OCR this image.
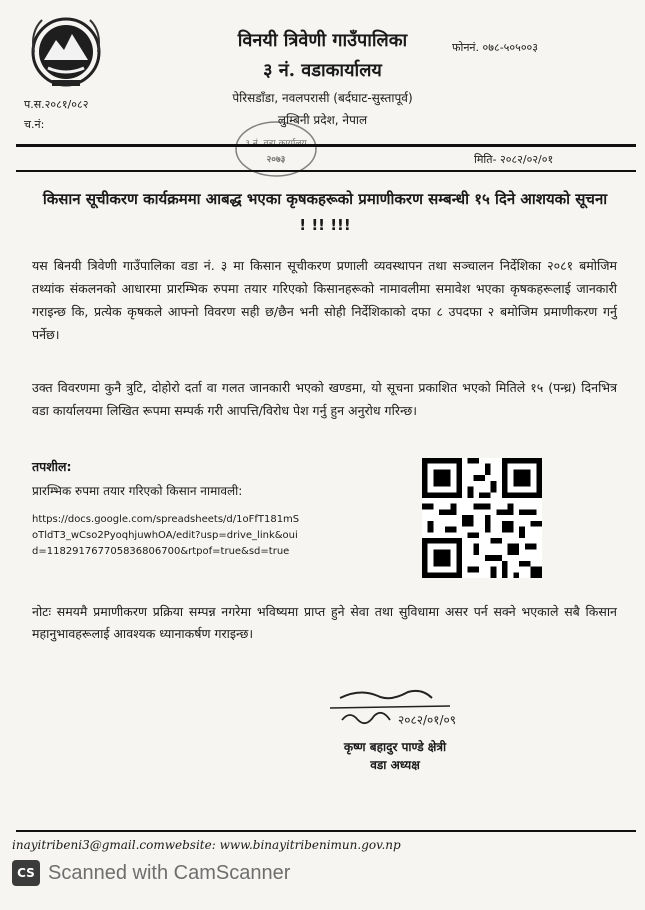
विनयी त्रिवेणी गाउँपालिका
३ नं. वडाकार्यालय
पेरिसडाँडा, नवलपरासी (बर्दघाट-सुस्तापूर्व)
लुम्बिनी प्रदेश, नेपाल
फोननं. ०७८-५०५००३
प.स.२०८१/०८२
च.नं:
२०७३	मिति- २०८२/०२/०१
किसान सूचीकरण कार्यक्रममा आबद्ध भएका कृषकहरूको प्रमाणीकरण सम्बन्धी १५ दिने आशयको सूचना ! !! !!!
यस बिनयी त्रिवेणी गाउँपालिका वडा नं. ३ मा किसान सूचीकरण प्रणाली व्यवस्थापन तथा सञ्चालन निर्देशिका २०८१ बमोजिम तथ्यांक संकलनको आधारमा प्रारम्भिक रुपमा तयार गरिएको किसानहरूको नामावलीमा समावेश भएका कृषकहरूलाई जानकारी गराइन्छ कि, प्रत्येक कृषकले आफ्नो विवरण सही छ/छैन भनी सोही निर्देशिकाको दफा ८ उपदफा २ बमोजिम प्रमाणीकरण गर्नु पर्नेछ।
उक्त विवरणमा कुनै त्रुटि, दोहोरो दर्ता वा गलत जानकारी भएको खण्डमा, यो सूचना प्रकाशित भएको मितिले १५ (पन्ध्र) दिनभित्र वडा कार्यालयमा लिखित रूपमा सम्पर्क गरी आपत्ति/विरोध पेश गर्नु हुन अनुरोध गरिन्छ।
तपशील:
प्रारम्भिक रुपमा तयार गरिएको किसान नामावली:
https://docs.google.com/spreadsheets/d/1oFfT181mSoTldT3_wCso2PyoqhjuwhOA/edit?usp=drive_link&ouid=118291767705836806700&rtpof=true&sd=true
नोटः समयमै प्रमाणीकरण प्रक्रिया सम्पन्न नगरेमा भविष्यमा प्राप्त हुने सेवा तथा सुविधामा असर पर्न सक्ने भएकाले सबै किसान महानुभावहरूलाई आवश्यक ध्यानाकर्षण गराइन्छ।
२०८२/०१/०९
कृष्ण बहादुर पाण्डे क्षेत्री
वडा अध्यक्ष
inayitribeni3@gmail.comwebsite: www.binayitribenimun.gov.np
CS Scanned with CamScanner
